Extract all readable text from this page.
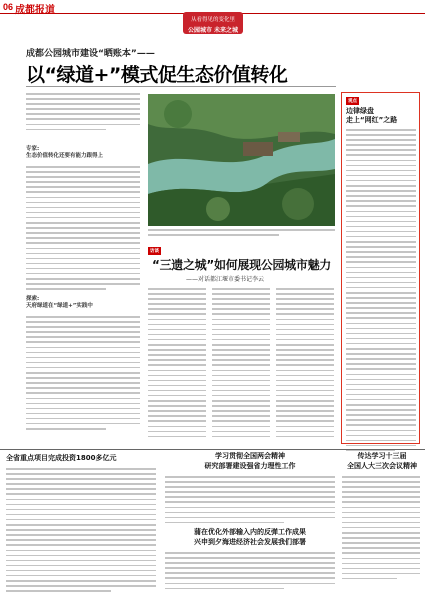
06 成都报道
从看得见的变化里
公园城市 未来之城
成都公园城市建设“晒账本”——
以“绿道+”模式促生态价值转化
专家:
生态价值转化还要有能力跟得上
探索:
天府绿道在“绿道+”实践中
访谈
“三遗之城”如何展现公园城市魅力
——对话都江堰市委书记李云
观点
边律绿盘
走上“网红”之路
全省重点项目完成投资1800多亿元	学习贯彻全国两会精神
研究部署建设强省力理性工作
蒲在优化外部输入内的反弹工作成果
兴申到夕海进经济社会发展我们部署
传达学习十三届
全国人大三次会议精神
